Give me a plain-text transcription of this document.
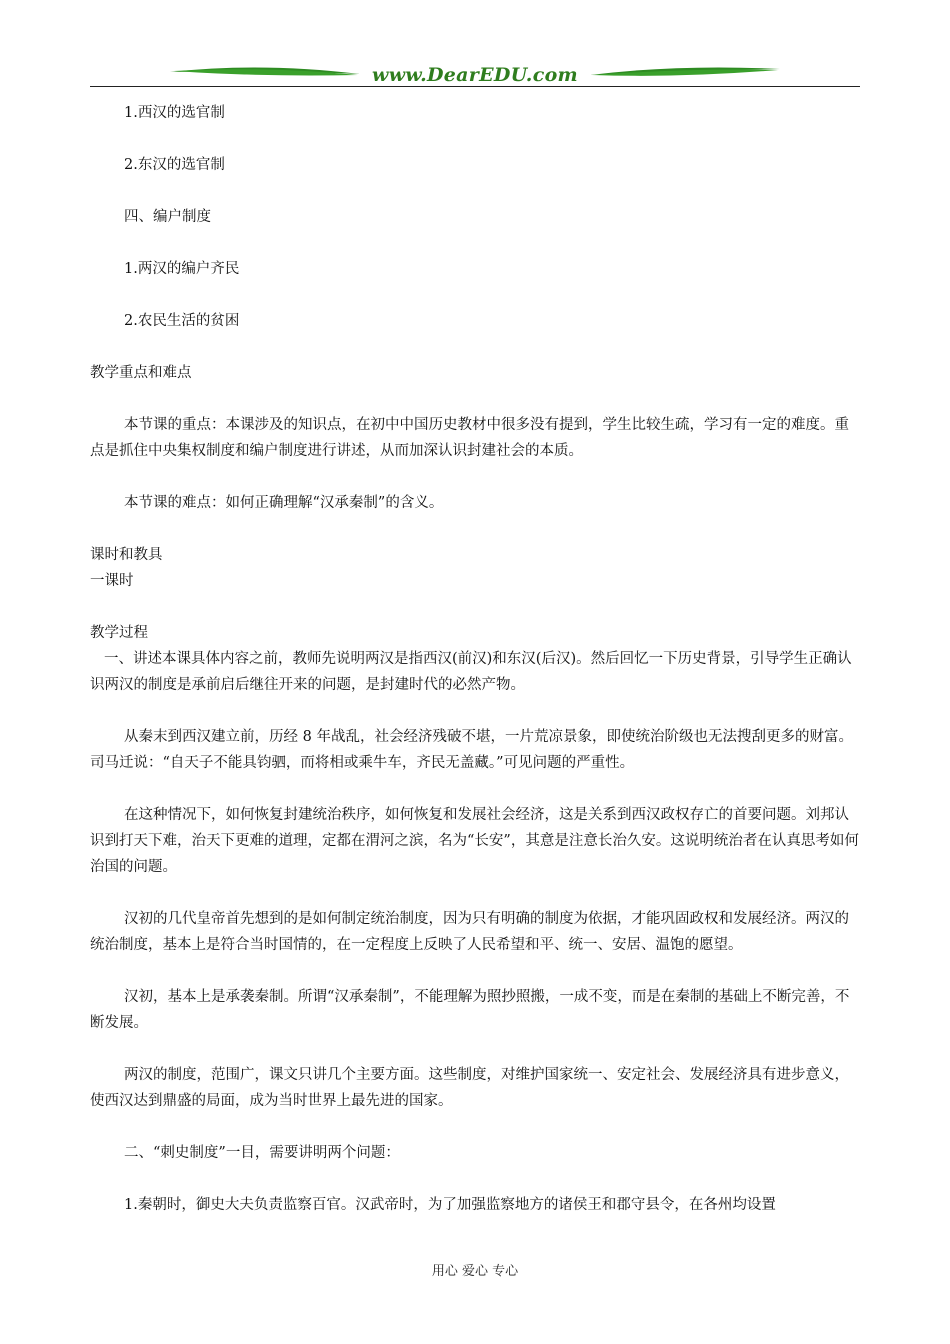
www.DearEDU.com

1.西汉的选官制

2.东汉的选官制

四、编户制度

1.两汉的编户齐民

2.农民生活的贫困

教学重点和难点

本节课的重点：本课涉及的知识点，在初中中国历史教材中很多没有提到，学生比较生疏，学习有一定的难度。重点是抓住中央集权制度和编户制度进行讲述，从而加深认识封建社会的本质。

本节课的难点：如何正确理解“汉承秦制”的含义。

课时和教具

一课时

教学过程

一、讲述本课具体内容之前，教师先说明两汉是指西汉(前汉)和东汉(后汉)。然后回忆一下历史背景，引导学生正确认识两汉的制度是承前启后继往开来的问题，是封建时代的必然产物。

从秦末到西汉建立前，历经 8 年战乱，社会经济残破不堪，一片荒凉景象，即使统治阶级也无法搜刮更多的财富。司马迁说：“自天子不能具钧驷，而将相或乘牛车，齐民无盖藏。”可见问题的严重性。

在这种情况下，如何恢复封建统治秩序，如何恢复和发展社会经济，这是关系到西汉政权存亡的首要问题。刘邦认识到打天下难，治天下更难的道理，定都在渭河之滨，名为“长安”，其意是注意长治久安。这说明统治者在认真思考如何治国的问题。

汉初的几代皇帝首先想到的是如何制定统治制度，因为只有明确的制度为依据，才能巩固政权和发展经济。两汉的统治制度，基本上是符合当时国情的，在一定程度上反映了人民希望和平、统一、安居、温饱的愿望。

汉初，基本上是承袭秦制。所谓“汉承秦制”，不能理解为照抄照搬，一成不变，而是在秦制的基础上不断完善，不断发展。

两汉的制度，范围广，课文只讲几个主要方面。这些制度，对维护国家统一、安定社会、发展经济具有进步意义，使西汉达到鼎盛的局面，成为当时世界上最先进的国家。

二、“刺史制度”一目，需要讲明两个问题：

1.秦朝时，御史大夫负责监察百官。汉武帝时，为了加强监察地方的诸侯王和郡守县令，在各州均设置

用心 爱心 专心
